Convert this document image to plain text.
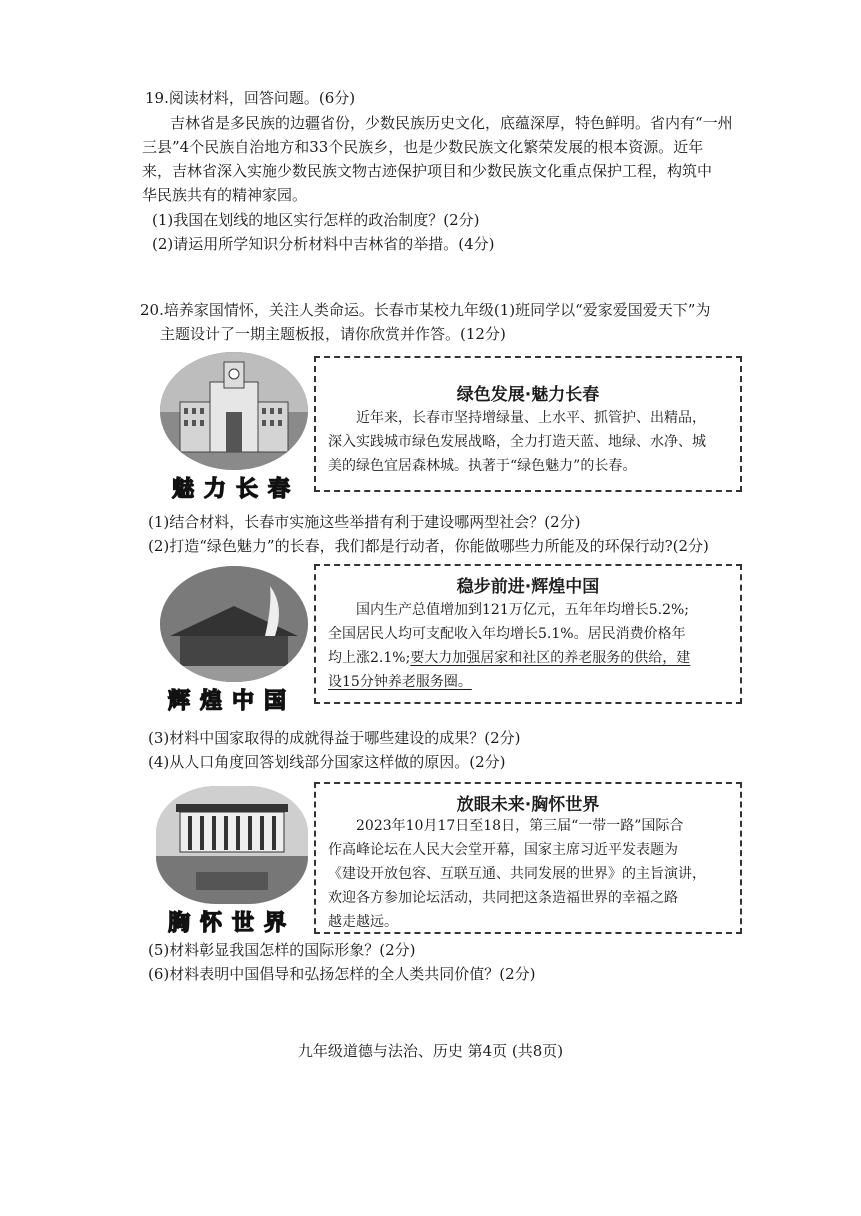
19.阅读材料，回答问题。(6分)
吉林省是多民族的边疆省份，少数民族历史文化，底蕴深厚，特色鲜明。省内有“一州
三县”4个民族自治地方和33个民族乡，也是少数民族文化繁荣发展的根本资源。近年
来，吉林省深入实施少数民族文物古迹保护项目和少数民族文化重点保护工程，构筑中
华民族共有的精神家园。
(1)我国在划线的地区实行怎样的政治制度？(2分)
(2)请运用所学知识分析材料中吉林省的举措。(4分)
20.培养家国情怀，关注人类命运。长春市某校九年级(1)班同学以“爱家爱国爱天下”为
主题设计了一期主题板报，请你欣赏并作答。(12分)
魅力长春
绿色发展·魅力长春
近年来，长春市坚持增绿量、上水平、抓管护、出精品，
深入实践城市绿色发展战略，全力打造天蓝、地绿、水净、城
美的绿色宜居森林城。执著于“绿色魅力”的长春。
(1)结合材料，长春市实施这些举措有利于建设哪两型社会？(2分)
(2)打造“绿色魅力”的长春，我们都是行动者，你能做哪些力所能及的环保行动?(2分)
辉煌中国
稳步前进·辉煌中国
国内生产总值增加到121万亿元，五年年均增长5.2%;
全国居民人均可支配收入年均增长5.1%。居民消费价格年
均上涨2.1%;要大力加强居家和社区的养老服务的供给，建
设15分钟养老服务圈。
(3)材料中国家取得的成就得益于哪些建设的成果？(2分)
(4)从人口角度回答划线部分国家这样做的原因。(2分)
胸怀世界
放眼未来·胸怀世界
2023年10月17日至18日，第三届“一带一路”国际合
作高峰论坛在人民大会堂开幕，国家主席习近平发表题为
《建设开放包容、互联互通、共同发展的世界》的主旨演讲，
欢迎各方参加论坛活动，共同把这条造福世界的幸福之路
越走越远。
(5)材料彰显我国怎样的国际形象？(2分)
(6)材料表明中国倡导和弘扬怎样的全人类共同价值？(2分)
九年级道德与法治、历史 第4页 (共8页)
